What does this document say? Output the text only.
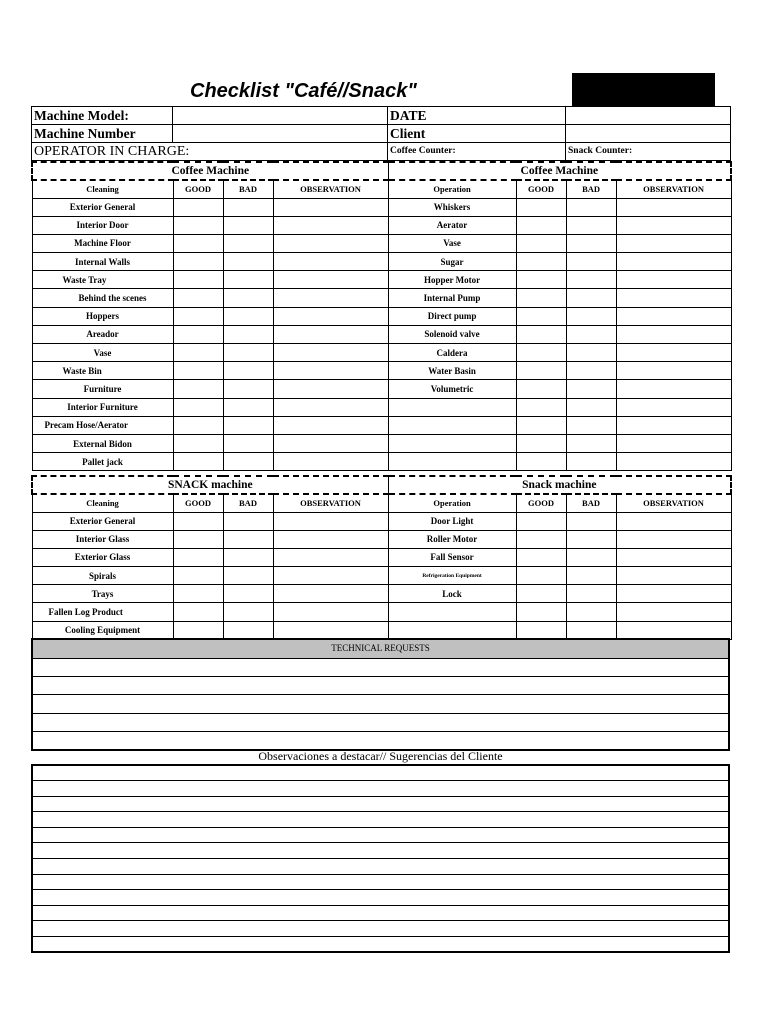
Checklist "Café//Snack"
Machine Model:		DATE	
Machine Number		Client	
OPERATOR IN CHARGE:		Coffee Counter:	Snack Counter:
Coffee Machine				Coffee Machine			
Cleaning	GOOD	BAD	OBSERVATION	Operation	GOOD	BAD	OBSERVATION
Exterior General				Whiskers			
Interior Door				Aerator			
Machine Floor				Vase			
Internal Walls				Sugar			
Waste Tray				Hopper Motor			
Behind the scenes				Internal Pump			
Hoppers				Direct pump			
Areador				Solenoid valve			
Vase				Caldera			
Waste Bin				Water Basin			
Furniture				Volumetric			
Interior Furniture							
Precam Hose/Aerator							
External Bidon							
Pallet jack							
SNACK machine				Snack machine			
Cleaning	GOOD	BAD	OBSERVATION	Operation	GOOD	BAD	OBSERVATION
Exterior General				Door Light			
Interior Glass				Roller Motor			
Exterior Glass				Fall Sensor			
Spirals				Refrigeration Equipment			
Trays				Lock			
Fallen Log Product							
Cooling Equipment							
TECHNICAL REQUESTS

Observaciones a destacar// Sugerencias del Cliente
